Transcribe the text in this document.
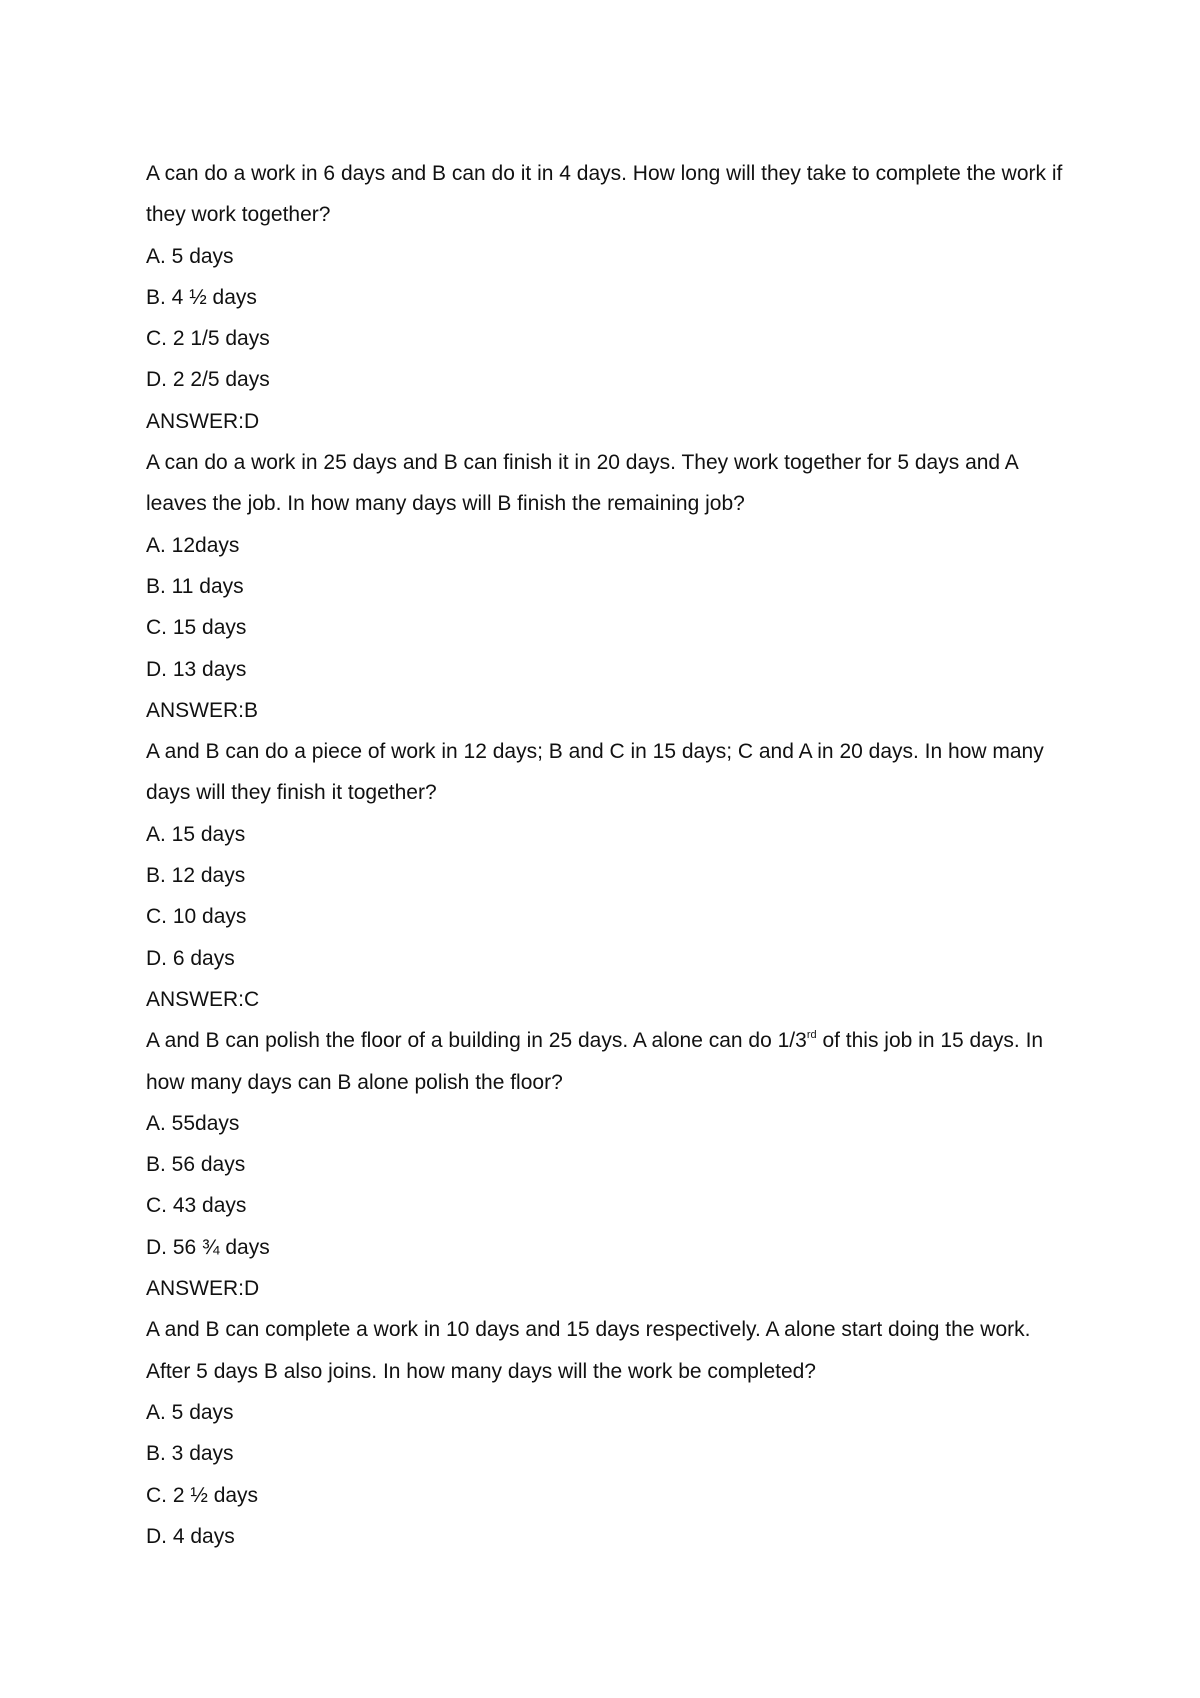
A can do a work in 6 days and B can do it in 4 days. How long will they take to complete the work if they work together?
A. 5 days
B. 4 ½ days
C. 2 1/5 days
D. 2 2/5 days
ANSWER:D
A can do a work in 25 days and B can finish it in 20 days. They work together for 5 days and A leaves the job. In how many days will B finish the remaining job?
A. 12days
B. 11 days
C. 15 days
D. 13 days
ANSWER:B
A and B can do a piece of work in 12 days; B and C in 15 days; C and A in 20 days. In how many days will they finish it together?
A. 15 days
B. 12 days
C. 10 days
D. 6 days
ANSWER:C
A and B can polish the floor of a building in 25 days. A alone can do 1/3rd of this job in 15 days. In how many days can B alone polish the floor?
A. 55days
B. 56 days
C. 43 days
D. 56 ¾ days
ANSWER:D
A and B can complete a work in 10 days and 15 days respectively. A alone start doing the work. After 5 days B also joins. In how many days will the work be completed?
A. 5 days
B. 3 days
C. 2 ½ days
D. 4 days
